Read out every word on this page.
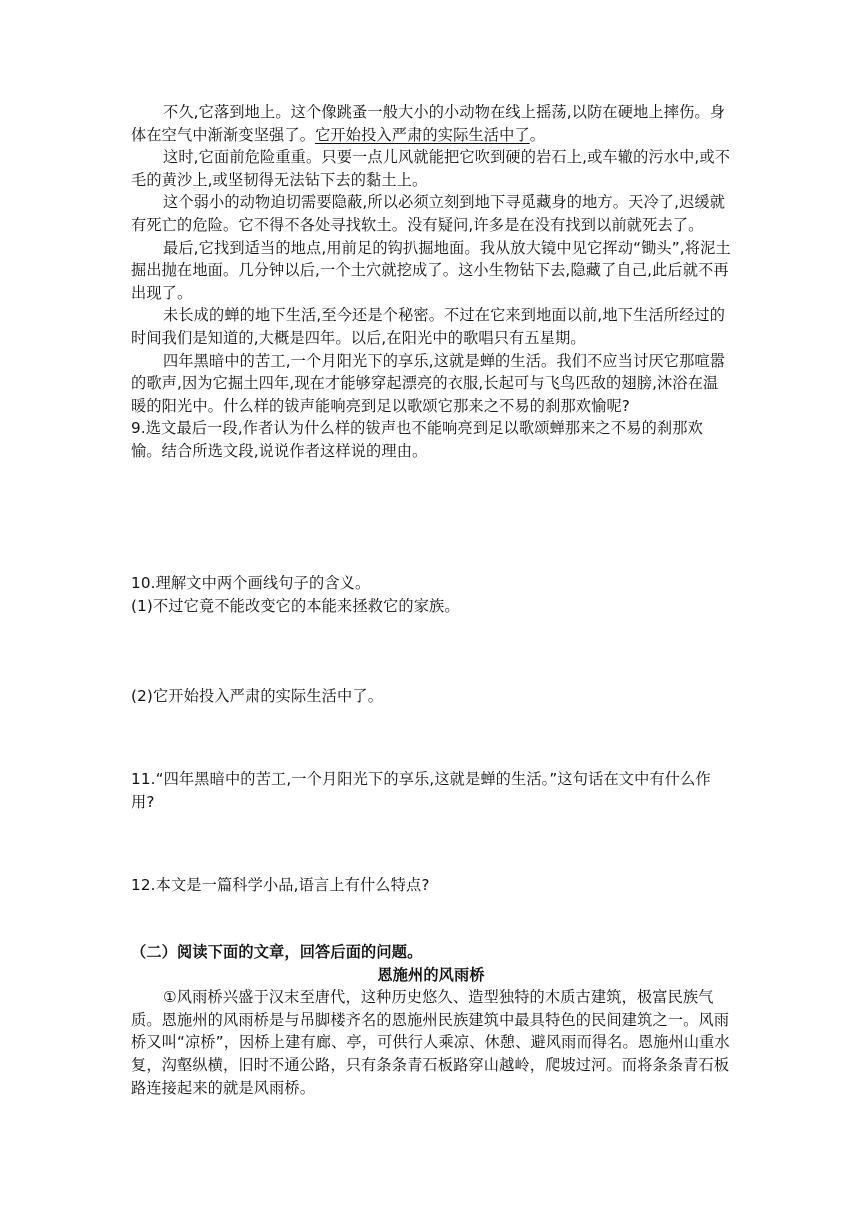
不久,它落到地上。这个像跳蚤一般大小的小动物在线上摇荡,以防在硬地上摔伤。身体在空气中渐渐变坚强了。它开始投入严肃的实际生活中了。

这时,它面前危险重重。只要一点儿风就能把它吹到硬的岩石上,或车辙的污水中,或不毛的黄沙上,或坚韧得无法钻下去的黏土上。

这个弱小的动物迫切需要隐蔽,所以必须立刻到地下寻觅藏身的地方。天冷了,迟缓就有死亡的危险。它不得不各处寻找软土。没有疑问,许多是在没有找到以前就死去了。

最后,它找到适当的地点,用前足的钩扒掘地面。我从放大镜中见它挥动“锄头”,将泥土掘出抛在地面。几分钟以后,一个土穴就挖成了。这小生物钻下去,隐藏了自己,此后就不再出现了。

未长成的蝉的地下生活,至今还是个秘密。不过在它来到地面以前,地下生活所经过的时间我们是知道的,大概是四年。以后,在阳光中的歌唱只有五星期。

四年黑暗中的苦工,一个月阳光下的享乐,这就是蝉的生活。我们不应当讨厌它那喧嚣的歌声,因为它掘土四年,现在才能够穿起漂亮的衣服,长起可与飞鸟匹敌的翅膀,沐浴在温暖的阳光中。什么样的钹声能响亮到足以歌颂它那来之不易的刹那欢愉呢?

9.选文最后一段,作者认为什么样的钹声也不能响亮到足以歌颂蝉那来之不易的刹那欢愉。结合所选文段,说说作者这样说的理由。

10.理解文中两个画线句子的含义。

(1)不过它竟不能改变它的本能来拯救它的家族。

(2)它开始投入严肃的实际生活中了。

11.“四年黑暗中的苦工,一个月阳光下的享乐,这就是蝉的生活。”这句话在文中有什么作用?

12.本文是一篇科学小品,语言上有什么特点?

（二）阅读下面的文章，回答后面的问题。

恩施州的风雨桥

①风雨桥兴盛于汉末至唐代，这种历史悠久、造型独特的木质古建筑，极富民族气质。恩施州的风雨桥是与吊脚楼齐名的恩施州民族建筑中最具特色的民间建筑之一。风雨桥又叫“凉桥”，因桥上建有廊、亭，可供行人乘凉、休憩、避风雨而得名。恩施州山重水复，沟壑纵横，旧时不通公路，只有条条青石板路穿山越岭，爬坡过河。而将条条青石板路连接起来的就是风雨桥。
